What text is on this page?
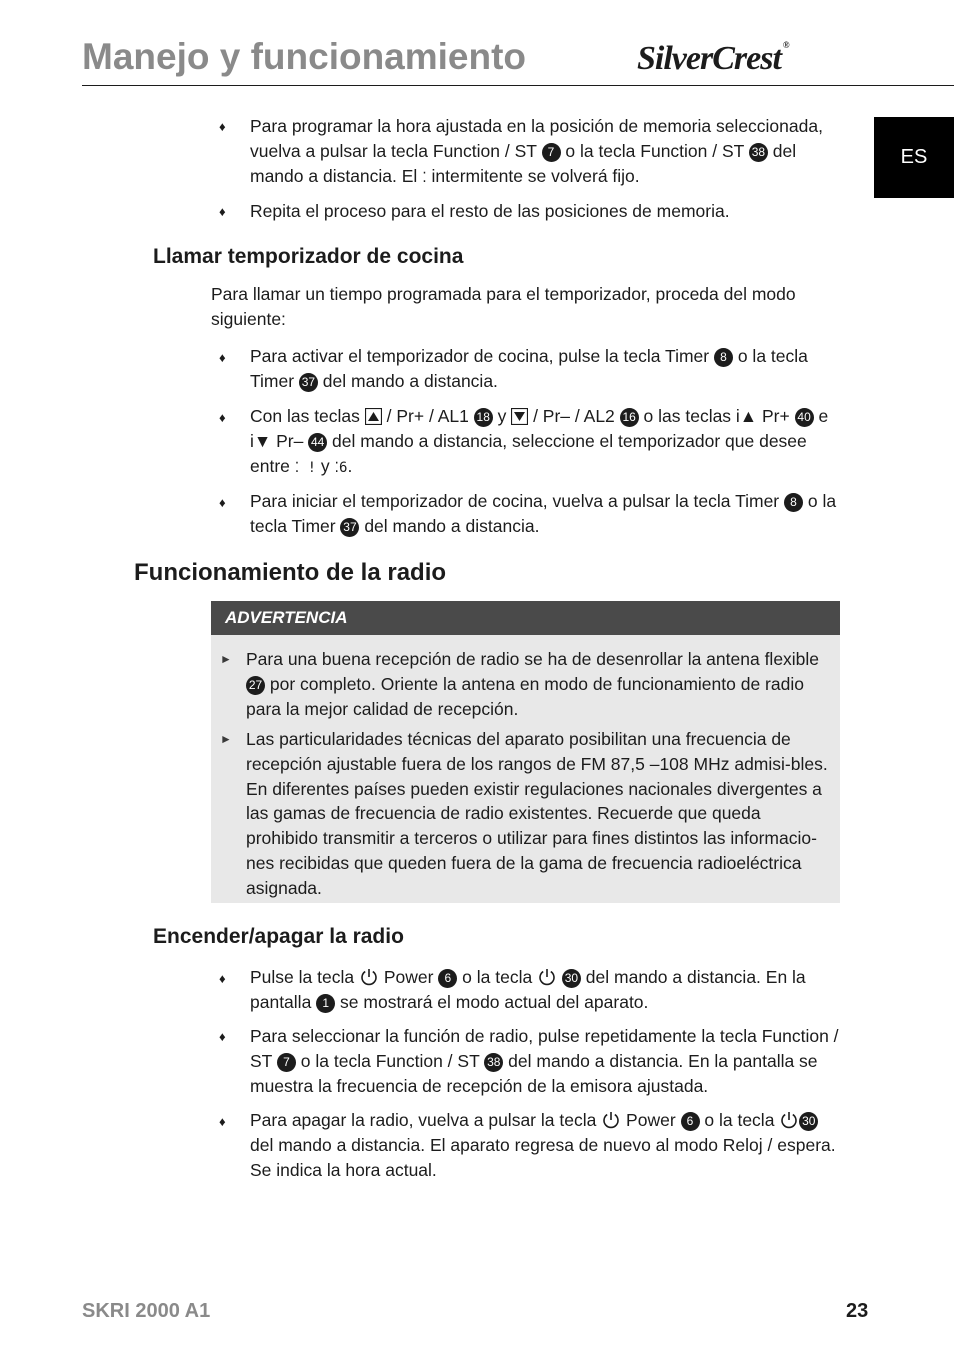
Manejo y funcionamiento	SilverCrest ®
ES
♦ Para programar la hora ajustada en la posición de memoria seleccionada, vuelva a pulsar la tecla Function / ST 7 o la tecla Function / ST 38 del mando a distancia. El ⁚ intermitente se volverá fijo.
♦ Repita el proceso para el resto de las posiciones de memoria.
Llamar temporizador de cocina
Para llamar un tiempo programada para el temporizador, proceda del modo siguiente:
♦ Para activar el temporizador de cocina, pulse la tecla Timer 8 o la tecla Timer 37 del mando a distancia.
♦ Con las teclas  / Pr+ / AL1 18 y  / Pr– / AL2 16 o las teclas i▲ Pr+ 40 e i▼ Pr– 44 del mando a distancia, seleccione el temporizador que desee entre ⁚ ! y ⁚6.
♦ Para iniciar el temporizador de cocina, vuelva a pulsar la tecla Timer 8 o la tecla Timer 37 del mando a distancia.
Funcionamiento de la radio
ADVERTENCIA
► Para una buena recepción de radio se ha de desenrollar la antena flexible 27 por completo. Oriente la antena en modo de funcionamiento de radio para la mejor calidad de recepción.
► Las particularidades técnicas del aparato posibilitan una frecuencia de recepción ajustable fuera de los rangos de FM 87,5 –108 MHz admisi-bles. En diferentes países pueden existir regulaciones nacionales divergentes a las gamas de frecuencia de radio existentes. Recuerde que queda prohibido transmitir a terceros o utilizar para fines distintos las informacio-nes recibidas que queden fuera de la gama de frecuencia radioeléctrica asignada.
Encender/apagar la radio
♦ Pulse la tecla  Power 6 o la tecla  30 del mando a distancia. En la pantalla 1 se mostrará el modo actual del aparato.
♦ Para seleccionar la función de radio, pulse repetidamente la tecla Function / ST 7 o la tecla Function / ST 38 del mando a distancia. En la pantalla se muestra la frecuencia de recepción de la emisora ajustada.
♦ Para apagar la radio, vuelva a pulsar la tecla  Power 6 o la tecla 30 del mando a distancia. El aparato regresa de nuevo al modo Reloj / espera. Se indica la hora actual.
SKRI 2000 A1	23
